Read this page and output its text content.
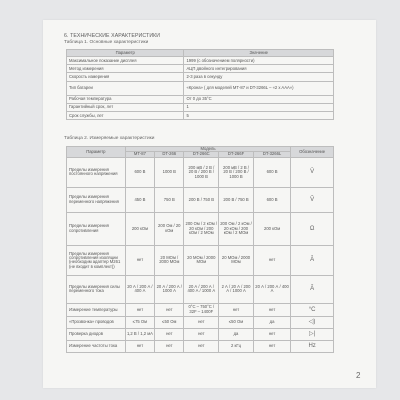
6. ТЕХНИЧЕСКИЕ ХАРАКТЕРИСТИКИ
Таблица 1. Основные характеристики
Параметр	Значение
Максимальное показание дисплея	1999 (с обозначением полярности)
Метод измерения	АЦП двойного интегрирования
Скорость измерения	2-3 раза в секунду
Тип батареи	«Крона» ( для моделей МТ-87 и DT-3266L – «2 x AAA»)
Рабочая температура	От 0 до 35°С
Гарантийный срок, лет	1
Срок службы, лет	5
Таблица 2. Измеряемые характеристики
Параметр	Модель					Обозначение
	МТ-87	DT-266	DT-266C	DT-266F	DT-3266L	
Пределы измерения постоянного напряжения	600 В	1000 В	200 мВ / 2 В / 20 В / 200 В / 1000 В	200 мВ / 2 В / 20 В / 200 В / 1000 В	600 В	V̄
Пределы измерения переменного напряжения	450 В	750 В	200 В / 750 В	200 В / 750 В	600 В	Ṽ
Пределы измерения сопротивления	200 кОм	200 Ом / 20 кОм	200 Ом / 2 кОм / 20 кОм / 200 кОм / 2 МОм	200 Ом / 2 кОм / 20 кОм / 200 кОм / 2 МОм	200 кОм	Ω
Пределы измерения сопротивления изоляции (необходим адаптер M261 (не входит в комплект))	нет	20 МОм / 2000 МОм	20 МОм / 2000 МОм	20 МОм / 2000 МОм	нет	Ā
Пределы измерения силы переменного тока	20 А / 200 А / 400 А	20 А / 200 А / 1000 А	20 А / 200 А / 400 А / 1000 А	2 А / 20 А / 200 А / 1000 А	20 А / 200 А / 400 А	Ã
Измерение температуры	нет	нет	0°С – 750°С / 32F – 1400F	нет	нет	°С
«Прозвонка» проводов	≤75 Ом	≤50 Ом	нет	≤50 Ом	да	◁)
Проверка диодов	1,2 В / 1,2 мА	нет	нет	да	нет	▷|
Измерение частоты тока	нет	нет	нет	2 кГц	нет	Hz
2
